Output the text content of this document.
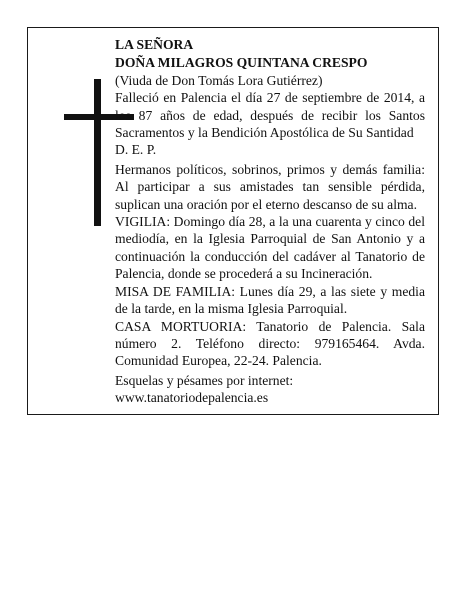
LA SEÑORA

DOÑA MILAGROS QUINTANA CRESPO

(Viuda de Don Tomás Lora Gutiérrez)

Falleció en Palencia el día 27 de septiembre de 2014, a los 87 años de edad, después de recibir los Santos Sacramentos y la Bendición Apostólica de Su Santidad

D. E. P.

Hermanos políticos, sobrinos, primos y demás familia: Al participar a sus amistades tan sensible pérdida, suplican una oración por el eterno descanso de su alma.

VIGILIA: Domingo día 28, a la una cuarenta y cinco del mediodía, en la Iglesia Parroquial de San Antonio y a continuación la conducción del cadáver al Tanatorio de Palencia, donde se procederá a su Incineración.

MISA DE FAMILIA: Lunes día 29, a las siete y media de la tarde, en la misma Iglesia Parroquial.

CASA MORTUORIA: Tanatorio de Palencia. Sala número 2. Teléfono directo: 979165464. Avda. Comunidad Europea, 22-24. Palencia.

Esquelas y pésames por internet:

www.tanatoriodepalencia.es
